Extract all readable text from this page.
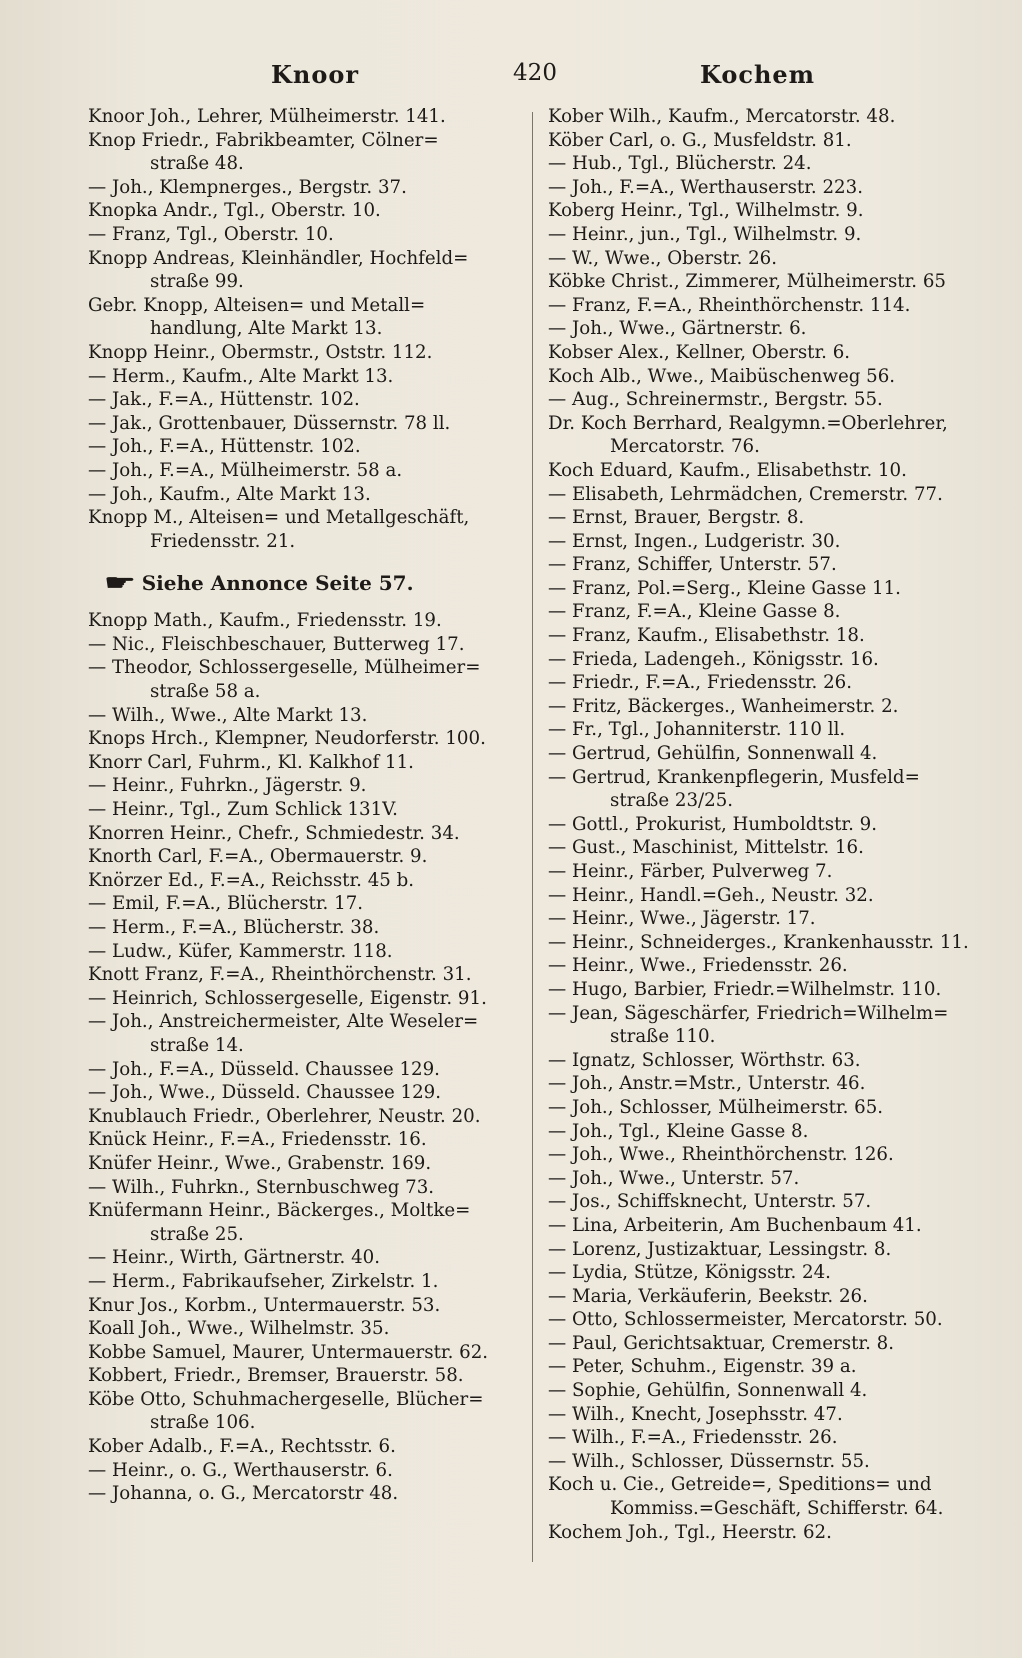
Knoor	420	Kochem
Knoor Joh., Lehrer, Mülheimerstr. 141.
Knop Friedr., Fabrikbeamter, Cölner=
straße 48.
— Joh., Klempnerges., Bergstr. 37.
Knopka Andr., Tgl., Oberstr. 10.
— Franz, Tgl., Oberstr. 10.
Knopp Andreas, Kleinhändler, Hochfeld=
straße 99.
Gebr. Knopp, Alteisen= und Metall=
handlung, Alte Markt 13.
Knopp Heinr., Obermstr., Oststr. 112.
— Herm., Kaufm., Alte Markt 13.
— Jak., F.=A., Hüttenstr. 102.
— Jak., Grottenbauer, Düssernstr. 78 ll.
— Joh., F.=A., Hüttenstr. 102.
— Joh., F.=A., Mülheimerstr. 58 a.
— Joh., Kaufm., Alte Markt 13.
Knopp M., Alteisen= und Metallgeschäft,
Friedensstr. 21.
☛ Siehe Annonce Seite 57.
Knopp Math., Kaufm., Friedensstr. 19.
— Nic., Fleischbeschauer, Butterweg 17.
— Theodor, Schlossergeselle, Mülheimer=
straße 58 a.
— Wilh., Wwe., Alte Markt 13.
Knops Hrch., Klempner, Neudorferstr. 100.
Knorr Carl, Fuhrm., Kl. Kalkhof 11.
— Heinr., Fuhrkn., Jägerstr. 9.
— Heinr., Tgl., Zum Schlick 131V.
Knorren Heinr., Chefr., Schmiedestr. 34.
Knorth Carl, F.=A., Obermauerstr. 9.
Knörzer Ed., F.=A., Reichsstr. 45 b.
— Emil, F.=A., Blücherstr. 17.
— Herm., F.=A., Blücherstr. 38.
— Ludw., Küfer, Kammerstr. 118.
Knott Franz, F.=A., Rheinthörchenstr. 31.
— Heinrich, Schlossergeselle, Eigenstr. 91.
— Joh., Anstreichermeister, Alte Weseler=
straße 14.
— Joh., F.=A., Düsseld. Chaussee 129.
— Joh., Wwe., Düsseld. Chaussee 129.
Knublauch Friedr., Oberlehrer, Neustr. 20.
Knück Heinr., F.=A., Friedensstr. 16.
Knüfer Heinr., Wwe., Grabenstr. 169.
— Wilh., Fuhrkn., Sternbuschweg 73.
Knüfermann Heinr., Bäckerges., Moltke=
straße 25.
— Heinr., Wirth, Gärtnerstr. 40.
— Herm., Fabrikaufseher, Zirkelstr. 1.
Knur Jos., Korbm., Untermauerstr. 53.
Koall Joh., Wwe., Wilhelmstr. 35.
Kobbe Samuel, Maurer, Untermauerstr. 62.
Kobbert, Friedr., Bremser, Brauerstr. 58.
Köbe Otto, Schuhmachergeselle, Blücher=
straße 106.
Kober Adalb., F.=A., Rechtsstr. 6.
— Heinr., o. G., Werthauserstr. 6.
— Johanna, o. G., Mercatorstr 48.
Kober Wilh., Kaufm., Mercatorstr. 48.
Köber Carl, o. G., Musfeldstr. 81.
— Hub., Tgl., Blücherstr. 24.
— Joh., F.=A., Werthauserstr. 223.
Koberg Heinr., Tgl., Wilhelmstr. 9.
— Heinr., jun., Tgl., Wilhelmstr. 9.
— W., Wwe., Oberstr. 26.
Köbke Christ., Zimmerer, Mülheimerstr. 65
— Franz, F.=A., Rheinthörchenstr. 114.
— Joh., Wwe., Gärtnerstr. 6.
Kobser Alex., Kellner, Oberstr. 6.
Koch Alb., Wwe., Maibüschenweg 56.
— Aug., Schreinermstr., Bergstr. 55.
Dr. Koch Berrhard, Realgymn.=Oberlehrer,
Mercatorstr. 76.
Koch Eduard, Kaufm., Elisabethstr. 10.
— Elisabeth, Lehrmädchen, Cremerstr. 77.
— Ernst, Brauer, Bergstr. 8.
— Ernst, Ingen., Ludgeristr. 30.
— Franz, Schiffer, Unterstr. 57.
— Franz, Pol.=Serg., Kleine Gasse 11.
— Franz, F.=A., Kleine Gasse 8.
— Franz, Kaufm., Elisabethstr. 18.
— Frieda, Ladengeh., Königsstr. 16.
— Friedr., F.=A., Friedensstr. 26.
— Fritz, Bäckerges., Wanheimerstr. 2.
— Fr., Tgl., Johanniterstr. 110 ll.
— Gertrud, Gehülfin, Sonnenwall 4.
— Gertrud, Krankenpflegerin, Musfeld=
straße 23/25.
— Gottl., Prokurist, Humboldtstr. 9.
— Gust., Maschinist, Mittelstr. 16.
— Heinr., Färber, Pulverweg 7.
— Heinr., Handl.=Geh., Neustr. 32.
— Heinr., Wwe., Jägerstr. 17.
— Heinr., Schneiderges., Krankenhausstr. 11.
— Heinr., Wwe., Friedensstr. 26.
— Hugo, Barbier, Friedr.=Wilhelmstr. 110.
— Jean, Sägeschärfer, Friedrich=Wilhelm=
straße 110.
— Ignatz, Schlosser, Wörthstr. 63.
— Joh., Anstr.=Mstr., Unterstr. 46.
— Joh., Schlosser, Mülheimerstr. 65.
— Joh., Tgl., Kleine Gasse 8.
— Joh., Wwe., Rheinthörchenstr. 126.
— Joh., Wwe., Unterstr. 57.
— Jos., Schiffsknecht, Unterstr. 57.
— Lina, Arbeiterin, Am Buchenbaum 41.
— Lorenz, Justizaktuar, Lessingstr. 8.
— Lydia, Stütze, Königsstr. 24.
— Maria, Verkäuferin, Beekstr. 26.
— Otto, Schlossermeister, Mercatorstr. 50.
— Paul, Gerichtsaktuar, Cremerstr. 8.
— Peter, Schuhm., Eigenstr. 39 a.
— Sophie, Gehülfin, Sonnenwall 4.
— Wilh., Knecht, Josephsstr. 47.
— Wilh., F.=A., Friedensstr. 26.
— Wilh., Schlosser, Düssernstr. 55.
Koch u. Cie., Getreide=, Speditions= und
Kommiss.=Geschäft, Schifferstr. 64.
Kochem Joh., Tgl., Heerstr. 62.
